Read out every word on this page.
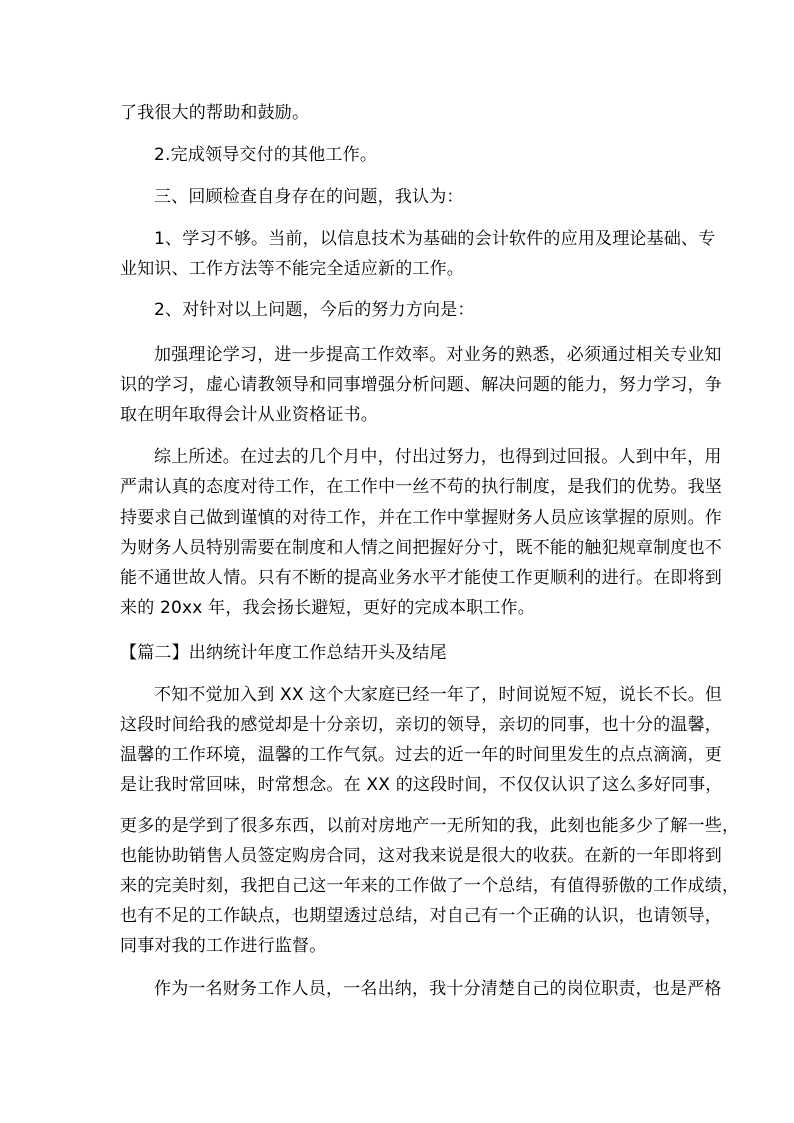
了我很大的帮助和鼓励。
2.完成领导交付的其他工作。
三、回顾检查自身存在的问题，我认为：
1、学习不够。当前，以信息技术为基础的会计软件的应用及理论基础、专
业知识、工作方法等不能完全适应新的工作。
2、对针对以上问题，今后的努力方向是：
加强理论学习，进一步提高工作效率。对业务的熟悉，必须通过相关专业知
识的学习，虚心请教领导和同事增强分析问题、解决问题的能力，努力学习，争
取在明年取得会计从业资格证书。
综上所述。在过去的几个月中，付出过努力，也得到过回报。人到中年，用
严肃认真的态度对待工作，在工作中一丝不苟的执行制度，是我们的优势。我坚
持要求自己做到谨慎的对待工作，并在工作中掌握财务人员应该掌握的原则。作
为财务人员特别需要在制度和人情之间把握好分寸，既不能的触犯规章制度也不
能不通世故人情。只有不断的提高业务水平才能使工作更顺利的进行。在即将到
来的 20xx 年，我会扬长避短，更好的完成本职工作。
【篇二】出纳统计年度工作总结开头及结尾
不知不觉加入到 XX 这个大家庭已经一年了，时间说短不短，说长不长。但
这段时间给我的感觉却是十分亲切，亲切的领导，亲切的同事，也十分的温馨，
温馨的工作环境，温馨的工作气氛。过去的近一年的时间里发生的点点滴滴，更
是让我时常回味，时常想念。在 XX 的这段时间，不仅仅认识了这么多好同事，
更多的是学到了很多东西，以前对房地产一无所知的我，此刻也能多少了解一些，
也能协助销售人员签定购房合同，这对我来说是很大的收获。在新的一年即将到
来的完美时刻，我把自己这一年来的工作做了一个总结，有值得骄傲的工作成绩，
也有不足的工作缺点，也期望透过总结，对自己有一个正确的认识，也请领导，
同事对我的工作进行监督。
作为一名财务工作人员，一名出纳，我十分清楚自己的岗位职责，也是严格
